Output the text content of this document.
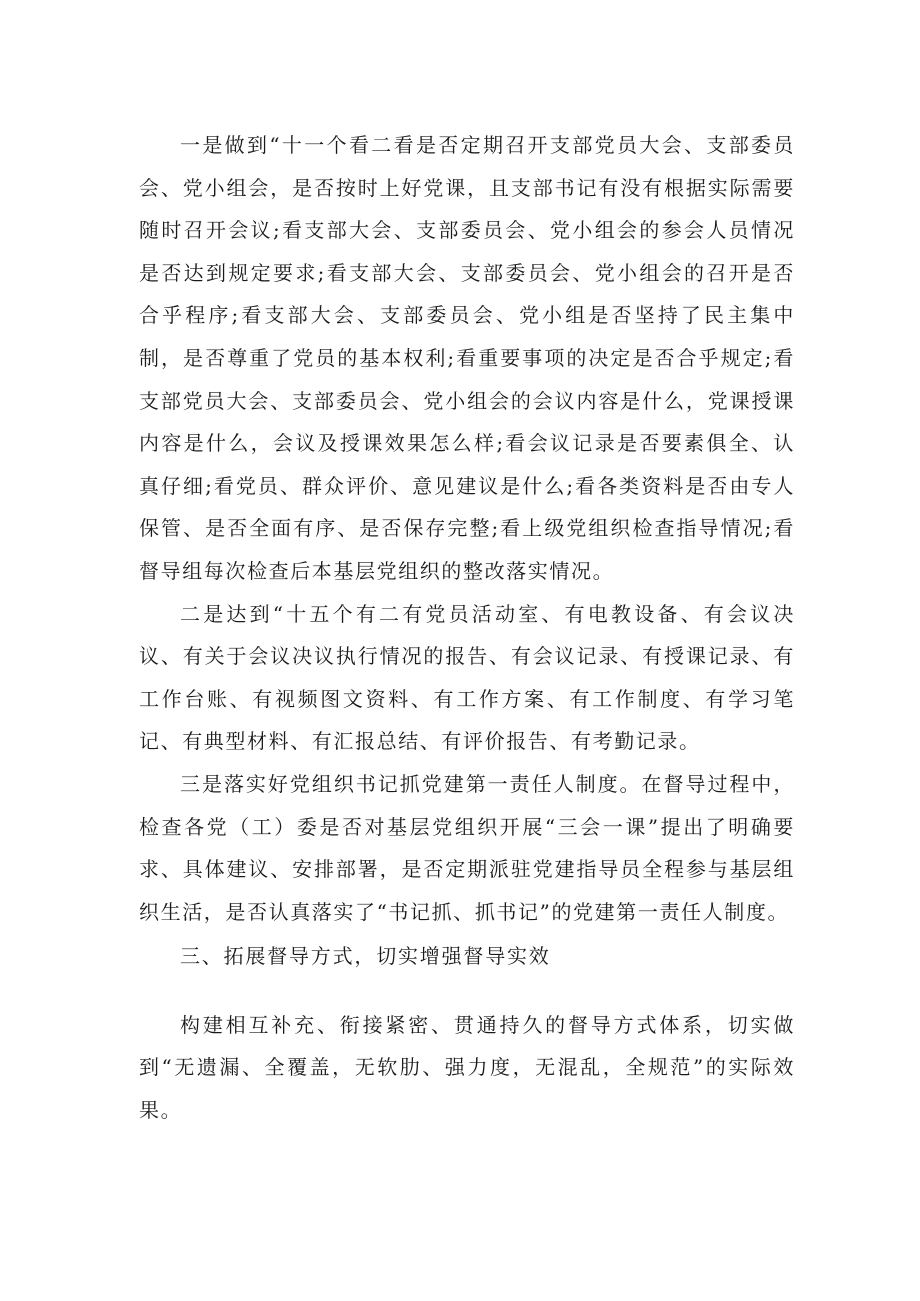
一是做到“十一个看二看是否定期召开支部党员大会、支部委员会、党小组会，是否按时上好党课，且支部书记有没有根据实际需要随时召开会议;看支部大会、支部委员会、党小组会的参会人员情况是否达到规定要求;看支部大会、支部委员会、党小组会的召开是否合乎程序;看支部大会、支部委员会、党小组是否坚持了民主集中制，是否尊重了党员的基本权利;看重要事项的决定是否合乎规定;看支部党员大会、支部委员会、党小组会的会议内容是什么，党课授课内容是什么，会议及授课效果怎么样;看会议记录是否要素俱全、认真仔细;看党员、群众评价、意见建议是什么;看各类资料是否由专人保管、是否全面有序、是否保存完整;看上级党组织检查指导情况;看督导组每次检查后本基层党组织的整改落实情况。

二是达到“十五个有二有党员活动室、有电教设备、有会议决议、有关于会议决议执行情况的报告、有会议记录、有授课记录、有工作台账、有视频图文资料、有工作方案、有工作制度、有学习笔记、有典型材料、有汇报总结、有评价报告、有考勤记录。

三是落实好党组织书记抓党建第一责任人制度。在督导过程中，检查各党（工）委是否对基层党组织开展“三会一课”提出了明确要求、具体建议、安排部署，是否定期派驻党建指导员全程参与基层组织生活，是否认真落实了“书记抓、抓书记”的党建第一责任人制度。

三、拓展督导方式，切实增强督导实效

构建相互补充、衔接紧密、贯通持久的督导方式体系，切实做到“无遗漏、全覆盖，无软肋、强力度，无混乱，全规范”的实际效果。
